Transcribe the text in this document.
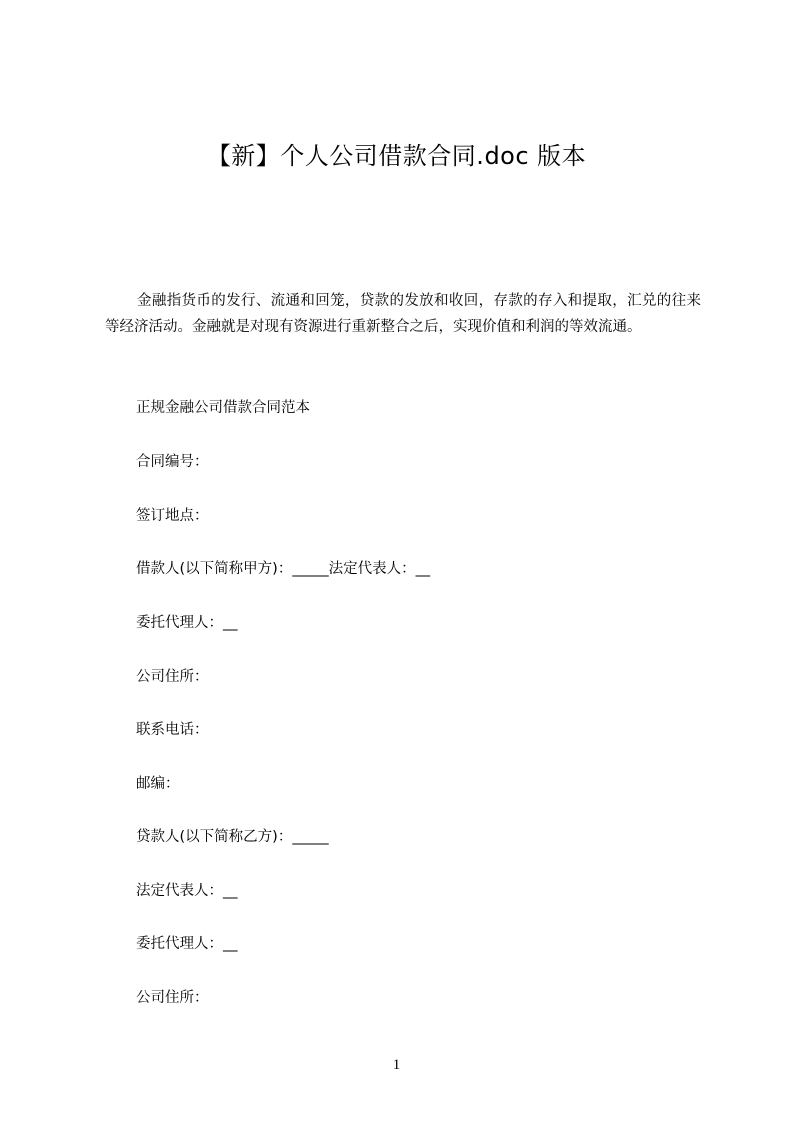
【新】个人公司借款合同.doc 版本

金融指货币的发行、流通和回笼，贷款的发放和收回，存款的存入和提取，汇兑的往来等经济活动。金融就是对现有资源进行重新整合之后，实现价值和利润的等效流通。

正规金融公司借款合同范本

合同编号：

签订地点：

借款人(以下简称甲方)：_____法定代表人：__

委托代理人：__

公司住所：

联系电话：

邮编：

贷款人(以下简称乙方)：_____

法定代表人：__

委托代理人：__

公司住所：

1
